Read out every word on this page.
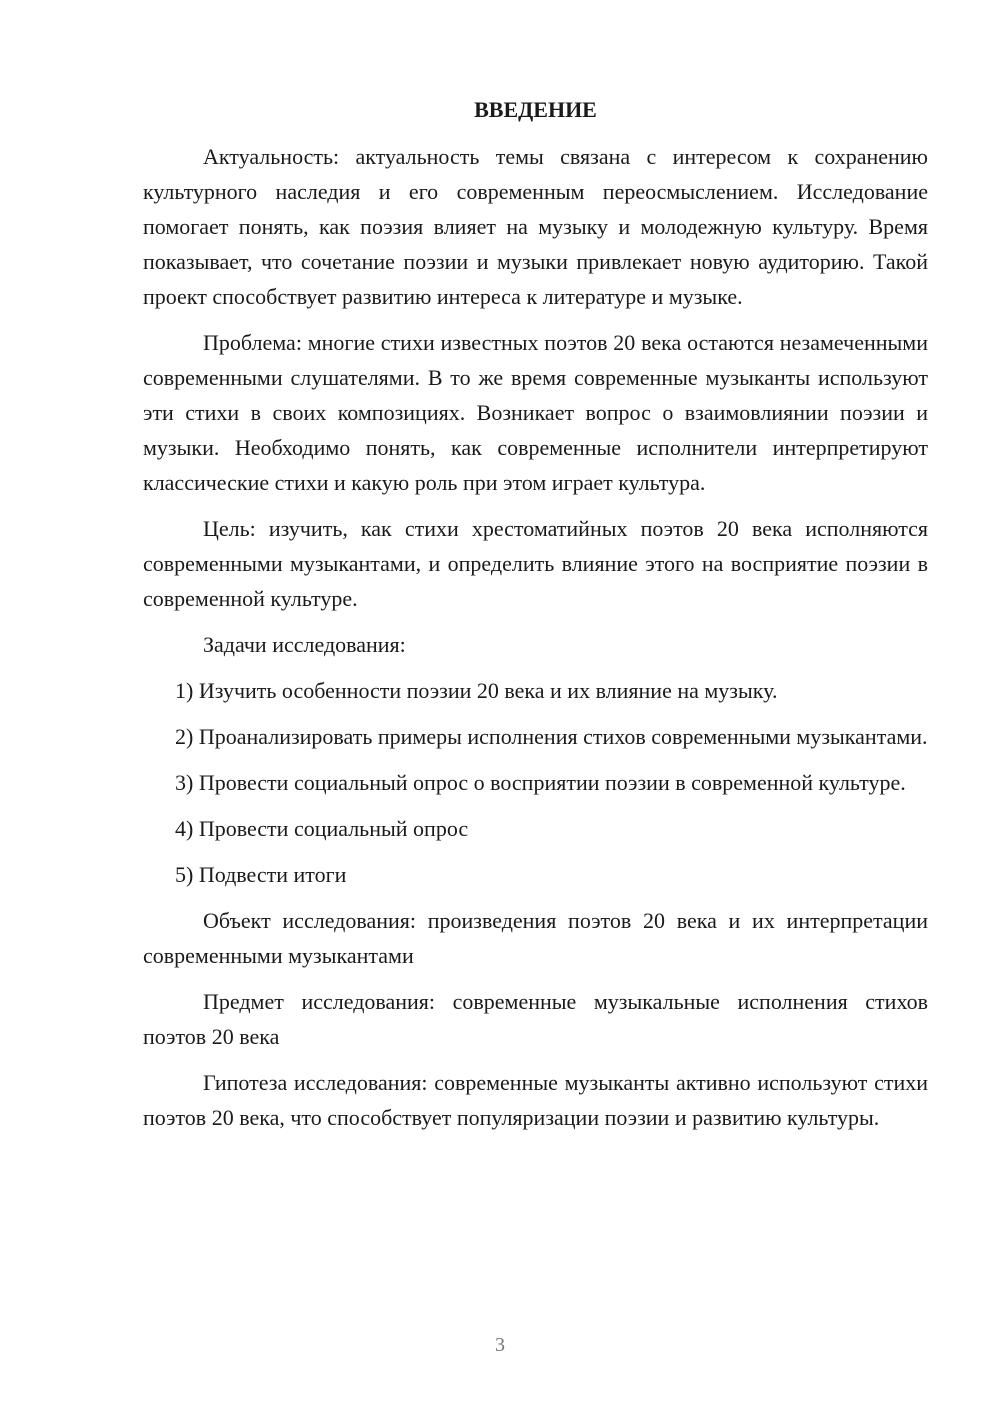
ВВЕДЕНИЕ

Актуальность: актуальность темы связана с интересом к сохранению культурного наследия и его современным переосмыслением. Исследование помогает понять, как поэзия влияет на музыку и молодежную культуру. Время показывает, что сочетание поэзии и музыки привлекает новую аудиторию. Такой проект способствует развитию интереса к литературе и музыке.

Проблема: многие стихи известных поэтов 20 века остаются незамеченными современными слушателями. В то же время современные музыканты используют эти стихи в своих композициях. Возникает вопрос о взаимовлиянии поэзии и музыки. Необходимо понять, как современные исполнители интерпретируют классические стихи и какую роль при этом играет культура.

Цель: изучить, как стихи хрестоматийных поэтов 20 века исполняются современными музыкантами, и определить влияние этого на восприятие поэзии в современной культуре.

Задачи исследования:

1) Изучить особенности поэзии 20 века и их влияние на музыку.

2) Проанализировать примеры исполнения стихов современными музыкантами.

3) Провести социальный опрос о восприятии поэзии в современной культуре.

4) Провести социальный опрос

5) Подвести итоги

Объект исследования: произведения поэтов 20 века и их интерпретации современными музыкантами

Предмет исследования: современные музыкальные исполнения стихов поэтов 20 века

Гипотеза исследования: современные музыканты активно используют стихи поэтов 20 века, что способствует популяризации поэзии и развитию культуры.

3
